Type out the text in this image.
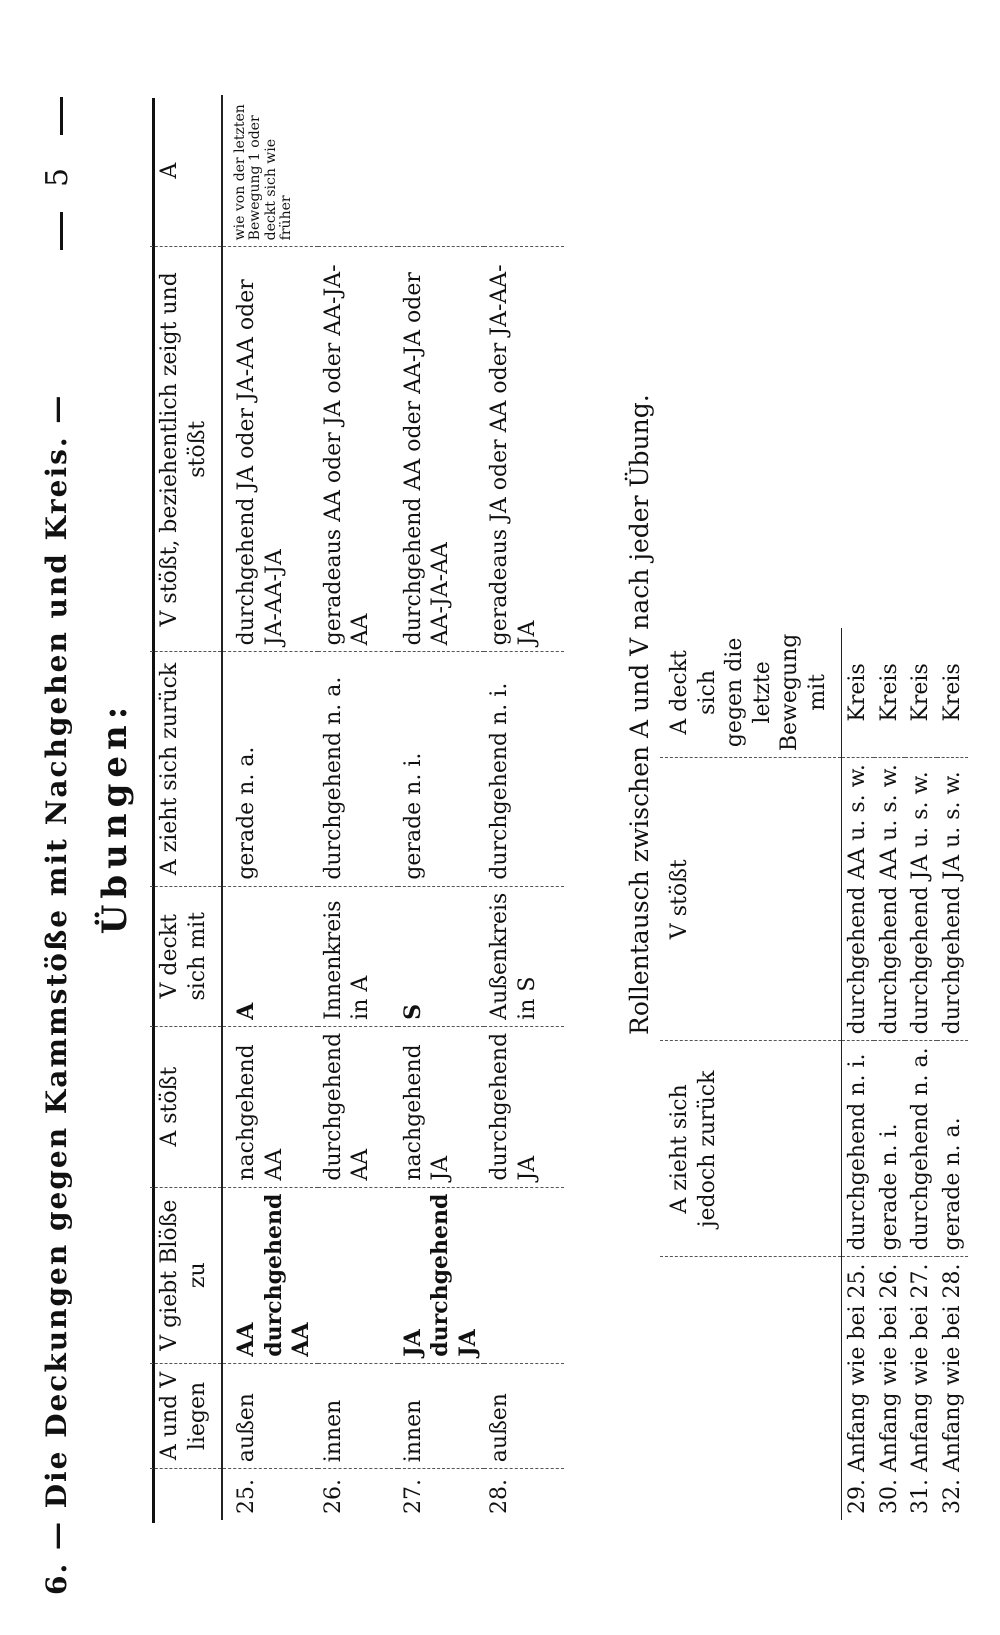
5
6. — Die Deckungen gegen Kammstöße mit Nachgehen und Kreis. — Übungen:
	A und V liegen	V giebt Blöße zu	A stößt	V deckt sich mit	A zieht sich zurück	V stößt, beziehentlich zeigt und stößt	A
25.	außen	AA durchgehend AA	nachgehend AA	A	gerade n. a.	durchgehend JA oder JA-AA oder JA-AA-JA	wie von der letzten Bewegung 1 oder deckt sich wie früher
26.	innen		durchgehend AA	Innenkreis in A	durchgehend n. a.	geradeaus AA oder JA oder AA-JA-AA	
27.	innen	JA durchgehend JA	nachgehend JA	S	gerade n. i.	durchgehend AA oder AA-JA oder AA-JA-AA	
28.	außen		durchgehend JA	Außenkreis in S	durchgehend n. i.	geradeaus JA oder AA oder JA-AA-JA		Rollentausch zwischen A und V nach jeder Übung.
	A zieht sich jedoch zurück	V stößt	A deckt sich gegen die letzte Bewegung mit
29. Anfang wie bei 25.	durchgehend n. i.	durchgehend AA u. s. w.	Kreis
30. Anfang wie bei 26.	gerade n. i.	durchgehend AA u. s. w.	Kreis
31. Anfang wie bei 27.	durchgehend n. a.	durchgehend JA u. s. w.	Kreis
32. Anfang wie bei 28.	gerade n. a.	durchgehend JA u. s. w.	Kreis
